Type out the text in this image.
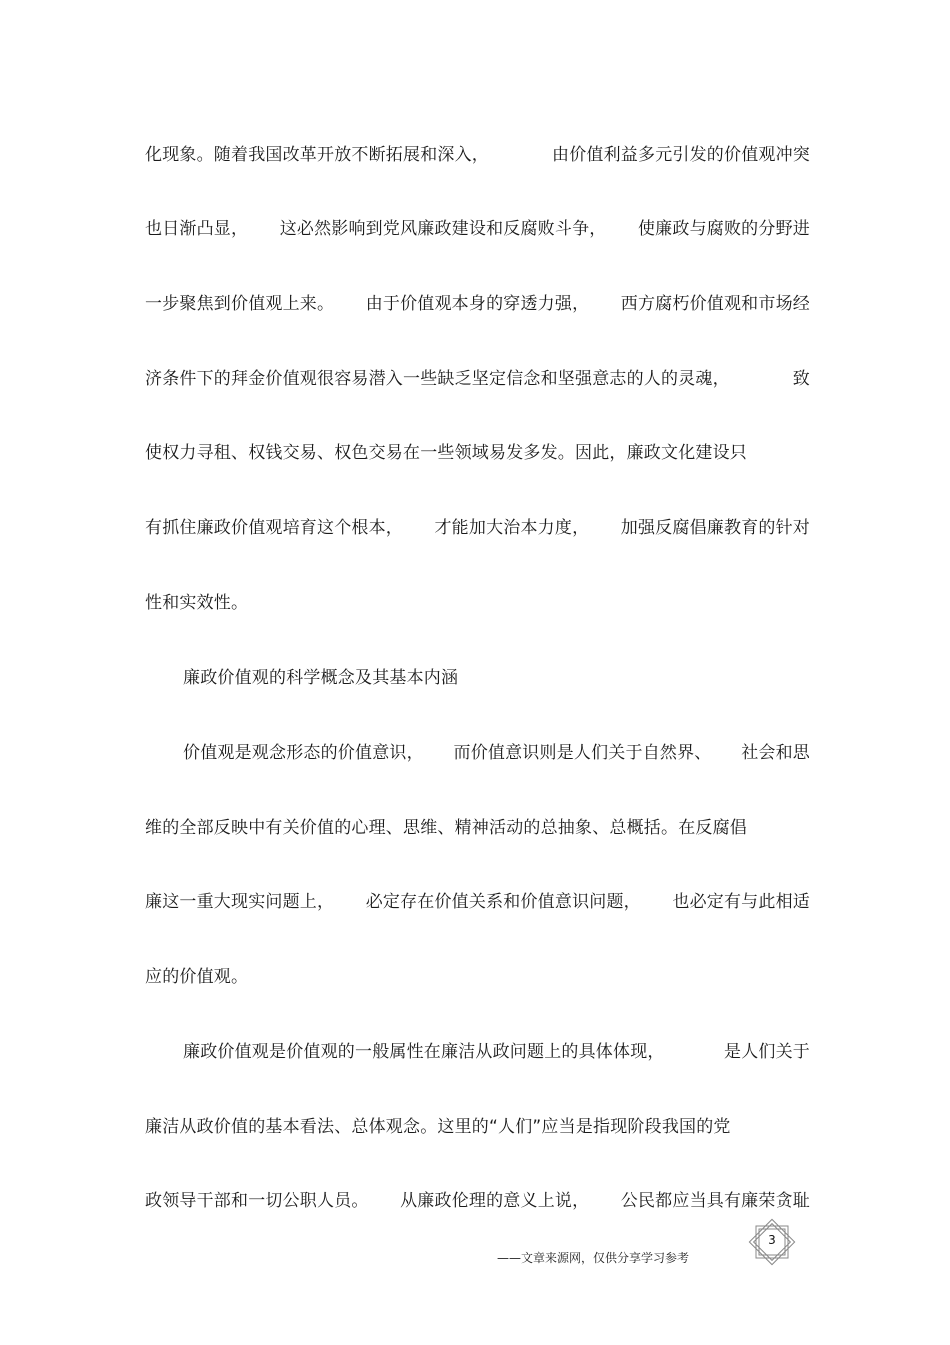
化现象。随着我国改革开放不断拓展和深入，	由价值利益多元引发的价值观冲突
也日渐凸显， 这必然影响到党风廉政建设和反腐败斗争， 使廉政与腐败的分野进
一步聚焦到价值观上来。 由于价值观本身的穿透力强， 西方腐朽价值观和市场经
济条件下的拜金价值观很容易潜入一些缺乏坚定信念和坚强意志的人的灵魂，	致
使权力寻租、权钱交易、权色交易在一些领域易发多发。因此，廉政文化建设只
有抓住廉政价值观培育这个根本， 才能加大治本力度， 加强反腐倡廉教育的针对
性和实效性。
廉政价值观的科学概念及其基本内涵
价值观是观念形态的价值意识， 而价值意识则是人们关于自然界、 社会和思
维的全部反映中有关价值的心理、思维、精神活动的总抽象、总概括。在反腐倡
廉这一重大现实问题上， 必定存在价值关系和价值意识问题， 也必定有与此相适
应的价值观。
廉政价值观是价值观的一般属性在廉洁从政问题上的具体体现，	是人们关于
廉洁从政价值的基本看法、总体观念。这里的“人们”应当是指现阶段我国的党
政领导干部和一切公职人员。 从廉政伦理的意义上说， 公民都应当具有廉荣贪耻
——文章来源网，仅供分享学习参考
3
